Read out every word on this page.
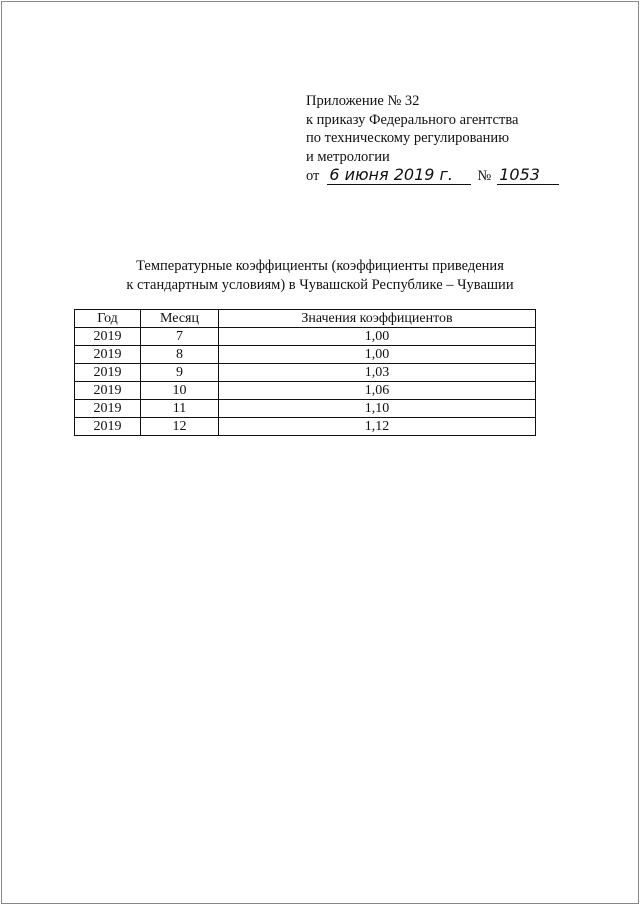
Приложение № 32
к приказу Федерального агентства
по техническому регулированию
и метрологии
от 6 июня 2019 г.	№ 1053
Температурные коэффициенты (коэффициенты приведения
к стандартным условиям) в Чувашской Республике – Чувашии
Год	Месяц	Значения коэффициентов
2019	7	1,00
2019	8	1,00
2019	9	1,03
2019	10	1,06
2019	11	1,10
2019	12	1,12
